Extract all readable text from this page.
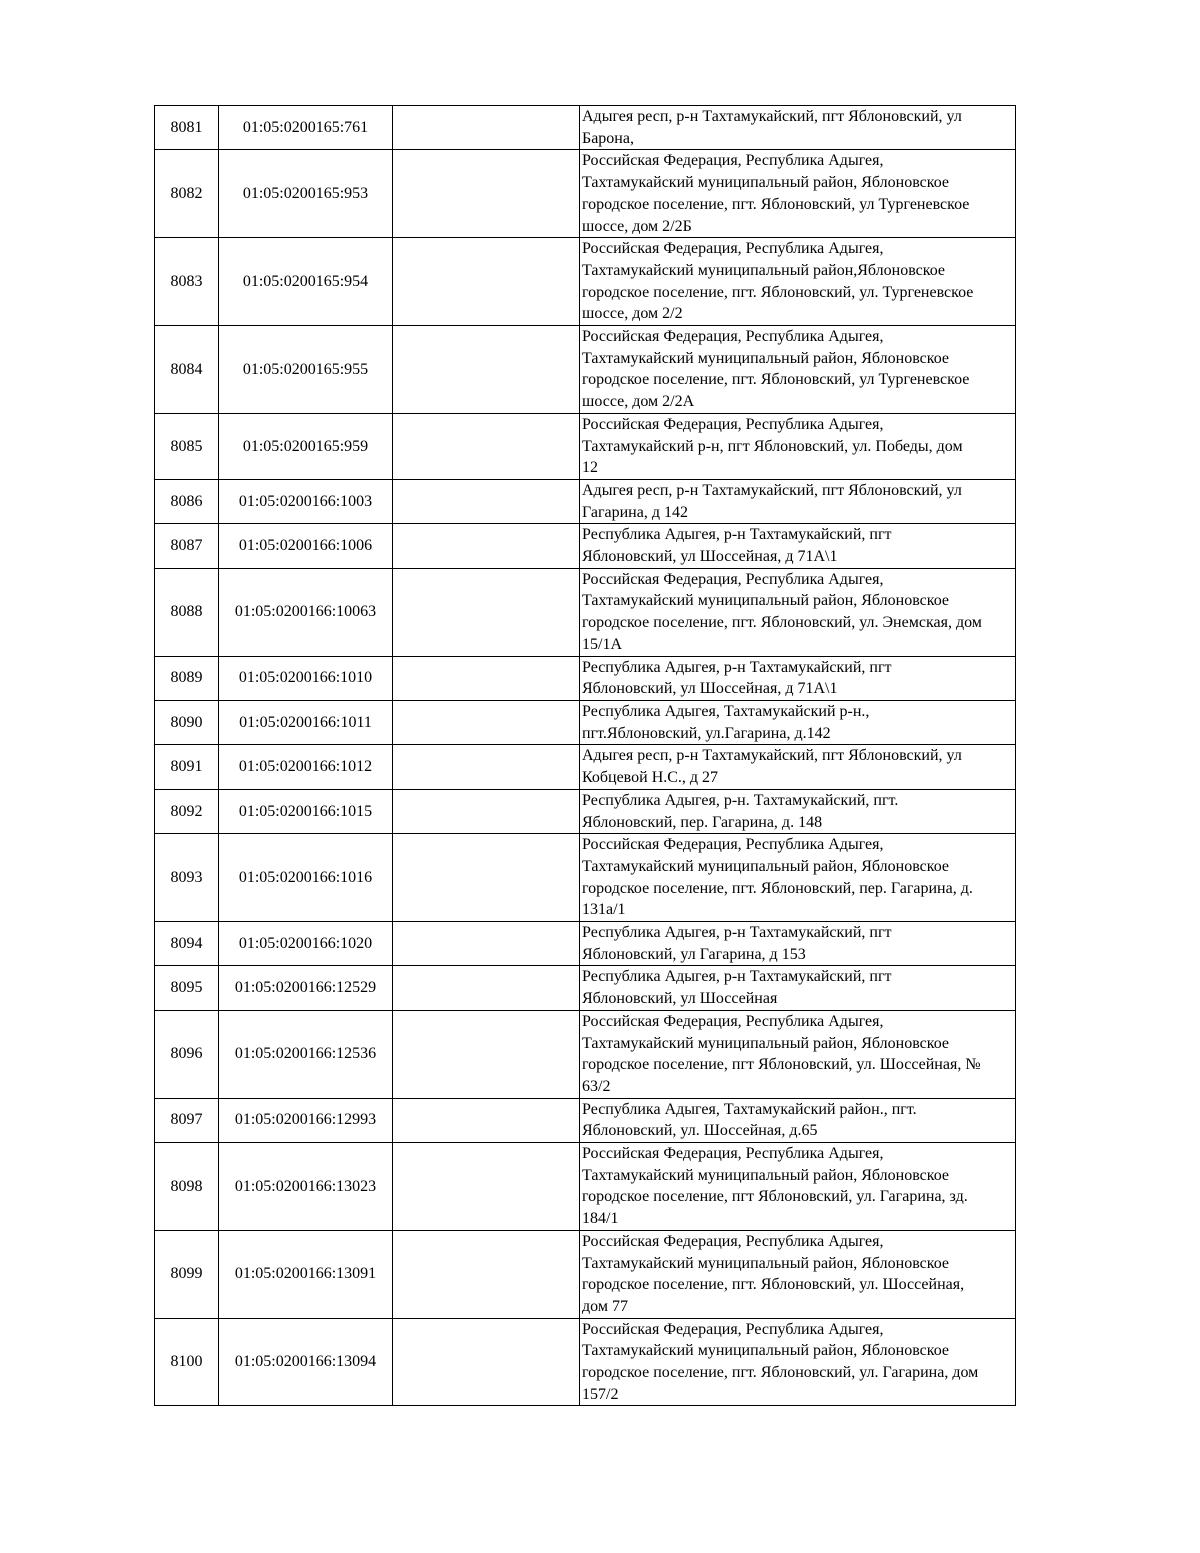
8081	01:05:0200165:761		Адыгея респ, р-н Тахтамукайский, пгт Яблоновский, ул
Барона,
8082	01:05:0200165:953		Российская Федерация, Республика Адыгея,
Тахтамукайский муниципальный район, Яблоновское
городское поселение, пгт. Яблоновский, ул Тургеневское
шоссе, дом 2/2Б
8083	01:05:0200165:954		Российская Федерация, Республика Адыгея,
Тахтамукайский муниципальный район,Яблоновское
городское поселение, пгт. Яблоновский, ул. Тургеневское
шоссе, дом 2/2
8084	01:05:0200165:955		Российская Федерация, Республика Адыгея,
Тахтамукайский муниципальный район, Яблоновское
городское поселение, пгт. Яблоновский, ул Тургеневское
шоссе, дом 2/2А
8085	01:05:0200165:959		Российская Федерация, Республика Адыгея,
Тахтамукайский р-н, пгт Яблоновский, ул. Победы, дом
12
8086	01:05:0200166:1003		Адыгея респ, р-н Тахтамукайский, пгт Яблоновский, ул
Гагарина, д 142
8087	01:05:0200166:1006		Республика Адыгея, р-н Тахтамукайский, пгт
Яблоновский, ул Шоссейная, д 71А\1
8088	01:05:0200166:10063		Российская Федерация, Республика Адыгея,
Тахтамукайский муниципальный район, Яблоновское
городское поселение, пгт. Яблоновский, ул. Энемская, дом
15/1А
8089	01:05:0200166:1010		Республика Адыгея, р-н Тахтамукайский, пгт
Яблоновский, ул Шоссейная, д 71А\1
8090	01:05:0200166:1011		Республика Адыгея, Тахтамукайский р-н.,
пгт.Яблоновский, ул.Гагарина, д.142
8091	01:05:0200166:1012		Адыгея респ, р-н Тахтамукайский, пгт Яблоновский, ул
Кобцевой Н.С., д 27
8092	01:05:0200166:1015		Республика Адыгея, р-н. Тахтамукайский, пгт.
Яблоновский, пер. Гагарина, д. 148
8093	01:05:0200166:1016		Российская Федерация, Республика Адыгея,
Тахтамукайский муниципальный район, Яблоновское
городское поселение, пгт. Яблоновский, пер. Гагарина, д.
131а/1
8094	01:05:0200166:1020		Республика Адыгея, р-н Тахтамукайский, пгт
Яблоновский, ул Гагарина, д 153
8095	01:05:0200166:12529		Республика Адыгея, р-н Тахтамукайский, пгт
Яблоновский, ул Шоссейная
8096	01:05:0200166:12536		Российская Федерация, Республика Адыгея,
Тахтамукайский муниципальный район, Яблоновское
городское поселение, пгт Яблоновский, ул. Шоссейная, №
63/2
8097	01:05:0200166:12993		Республика Адыгея, Тахтамукайский район., пгт.
Яблоновский, ул. Шоссейная, д.65
8098	01:05:0200166:13023		Российская Федерация, Республика Адыгея,
Тахтамукайский муниципальный район, Яблоновское
городское поселение, пгт Яблоновский, ул. Гагарина, зд.
184/1
8099	01:05:0200166:13091		Российская Федерация, Республика Адыгея,
Тахтамукайский муниципальный район, Яблоновское
городское поселение, пгт. Яблоновский, ул. Шоссейная,
дом 77
8100	01:05:0200166:13094		Российская Федерация, Республика Адыгея,
Тахтамукайский муниципальный район, Яблоновское
городское поселение, пгт. Яблоновский, ул. Гагарина, дом
157/2
